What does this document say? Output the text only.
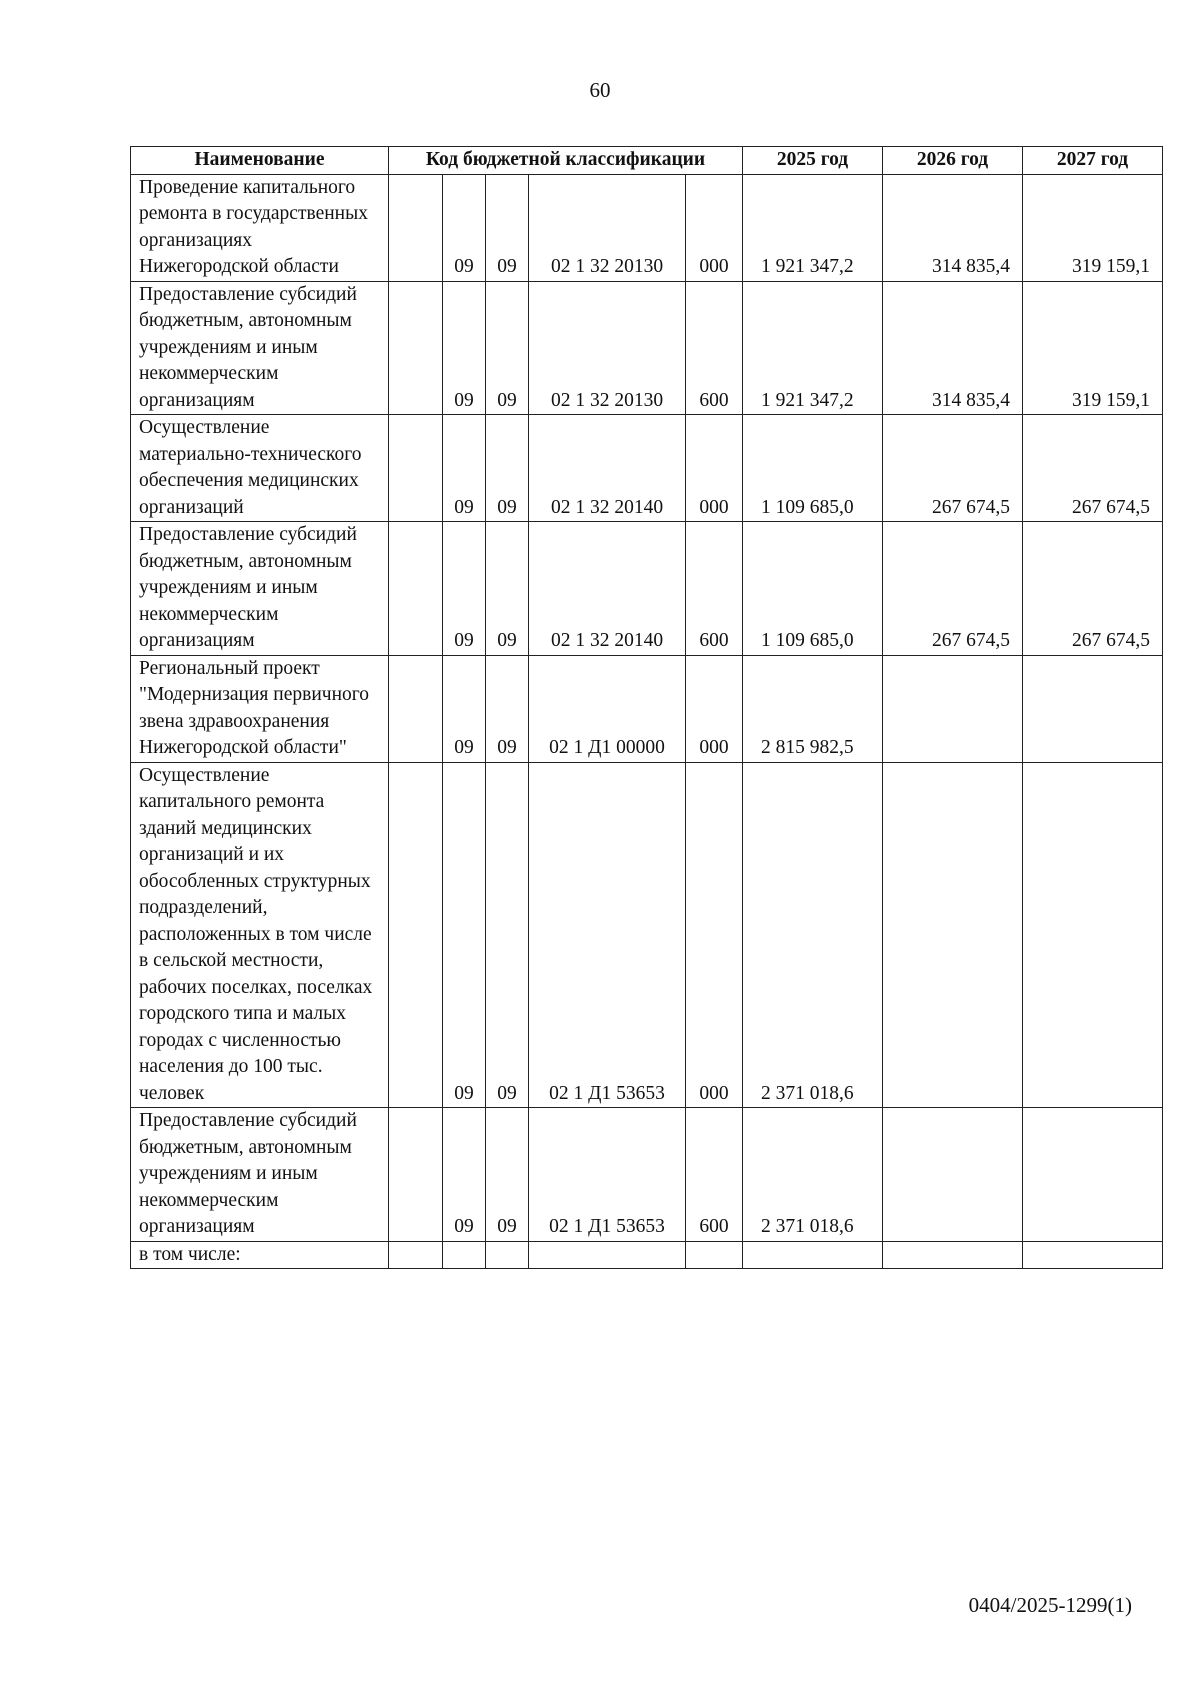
60
Наименование	Код бюджетной классификации					2025 год	2026 год	2027 год
Проведение капитального ремонта в государственных организациях Нижегородской области		09	09	02 1 32 20130	000	1 921 347,2	314 835,4	319 159,1
Предоставление субсидий бюджетным, автономным учреждениям и иным некоммерческим организациям		09	09	02 1 32 20130	600	1 921 347,2	314 835,4	319 159,1
Осуществление материально-технического обеспечения медицинских организаций		09	09	02 1 32 20140	000	1 109 685,0	267 674,5	267 674,5
Предоставление субсидий бюджетным, автономным учреждениям и иным некоммерческим организациям		09	09	02 1 32 20140	600	1 109 685,0	267 674,5	267 674,5
Региональный проект "Модернизация первичного звена здравоохранения Нижегородской области"		09	09	02 1 Д1 00000	000	2 815 982,5		
Осуществление капитального ремонта зданий медицинских организаций и их обособленных структурных подразделений, расположенных в том числе в сельской местности, рабочих поселках, поселках городского типа и малых городах с численностью населения до 100 тыс. человек		09	09	02 1 Д1 53653	000	2 371 018,6		
Предоставление субсидий бюджетным, автономным учреждениям и иным некоммерческим организациям		09	09	02 1 Д1 53653	600	2 371 018,6		
в том числе:								
0404/2025-1299(1)
